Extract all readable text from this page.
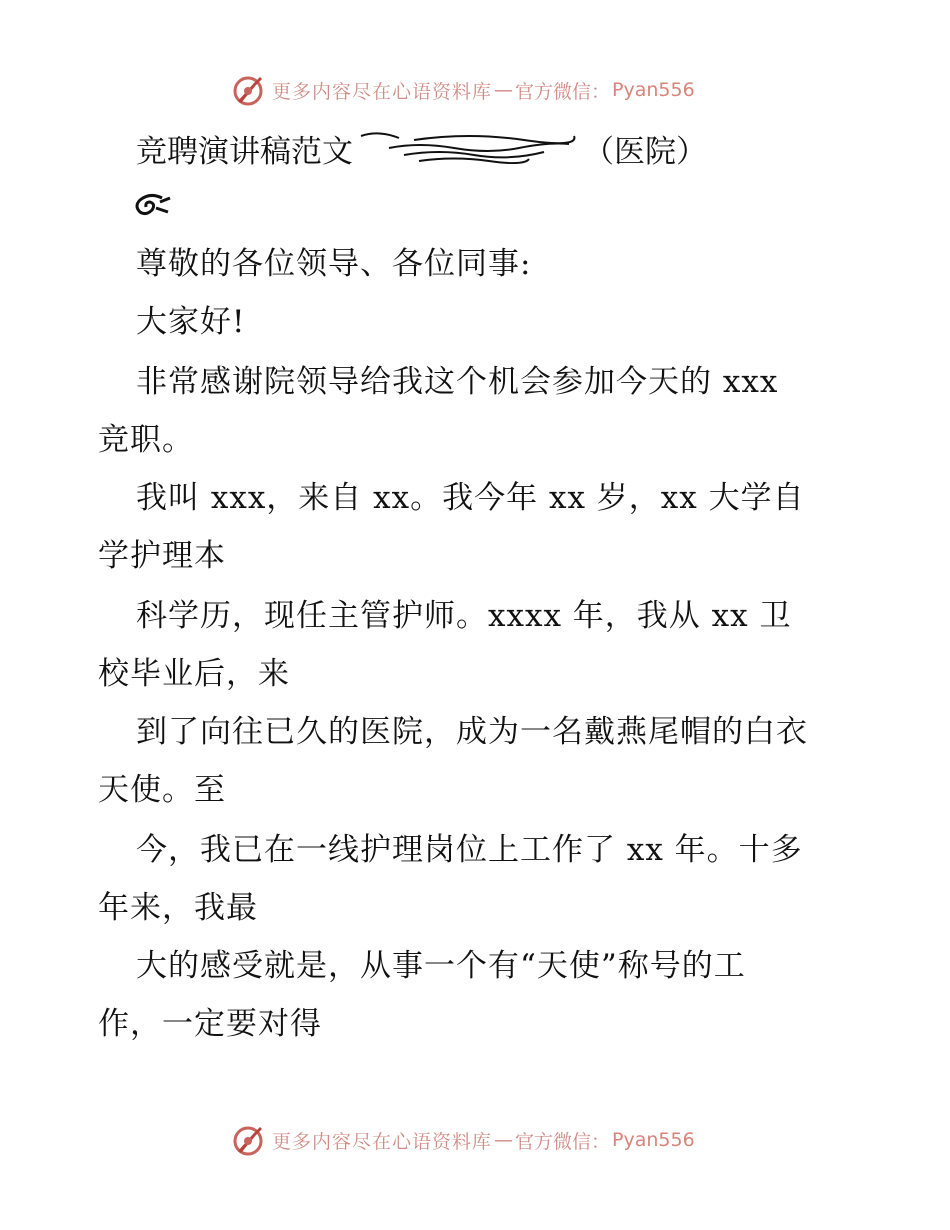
更多内容尽在心语资料库 — 官方微信： Pyan556
竞聘演讲稿范文	（医院）
尊敬的各位领导、各位同事:
大家好!
非常感谢院领导给我这个机会参加今天的 xxx
竞职。
我叫 xxx，来自 xx。我今年 xx 岁，xx 大学自
学护理本
科学历，现任主管护师。xxxx 年，我从 xx 卫
校毕业后，来
到了向往已久的医院，成为一名戴燕尾帽的白衣
天使。至
今，我已在一线护理岗位上工作了 xx 年。十多
年来，我最
大的感受就是，从事一个有“天使”称号的工
作，一定要对得
更多内容尽在心语资料库 — 官方微信： Pyan556
